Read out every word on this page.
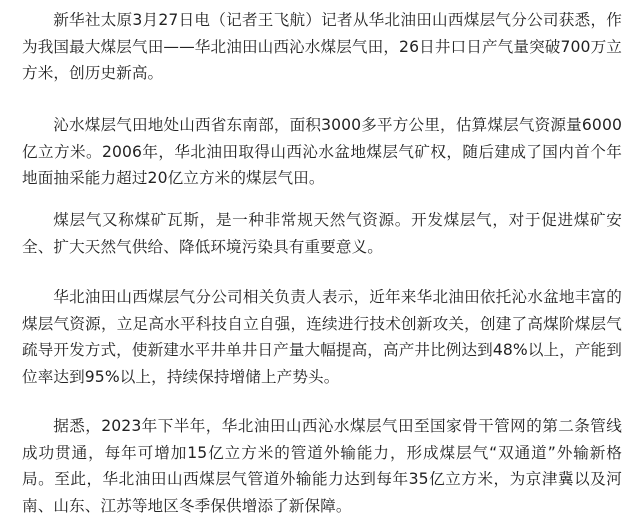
新华社太原3月27日电（记者王飞航）记者从华北油田山西煤层气分公司获悉，作为我国最大煤层气田——华北油田山西沁水煤层气田，26日井口日产气量突破700万立方米，创历史新高。

沁水煤层气田地处山西省东南部，面积3000多平方公里，估算煤层气资源量6000亿立方米。2006年，华北油田取得山西沁水盆地煤层气矿权，随后建成了国内首个年地面抽采能力超过20亿立方米的煤层气田。

煤层气又称煤矿瓦斯，是一种非常规天然气资源。开发煤层气，对于促进煤矿安全、扩大天然气供给、降低环境污染具有重要意义。

华北油田山西煤层气分公司相关负责人表示，近年来华北油田依托沁水盆地丰富的煤层气资源，立足高水平科技自立自强，连续进行技术创新攻关，创建了高煤阶煤层气疏导开发方式，使新建水平井单井日产量大幅提高，高产井比例达到48%以上，产能到位率达到95%以上，持续保持增储上产势头。

据悉，2023年下半年，华北油田山西沁水煤层气田至国家骨干管网的第二条管线成功贯通，每年可增加15亿立方米的管道外输能力，形成煤层气“双通道”外输新格局。至此，华北油田山西煤层气管道外输能力达到每年35亿立方米，为京津冀以及河南、山东、江苏等地区冬季保供增添了新保障。
